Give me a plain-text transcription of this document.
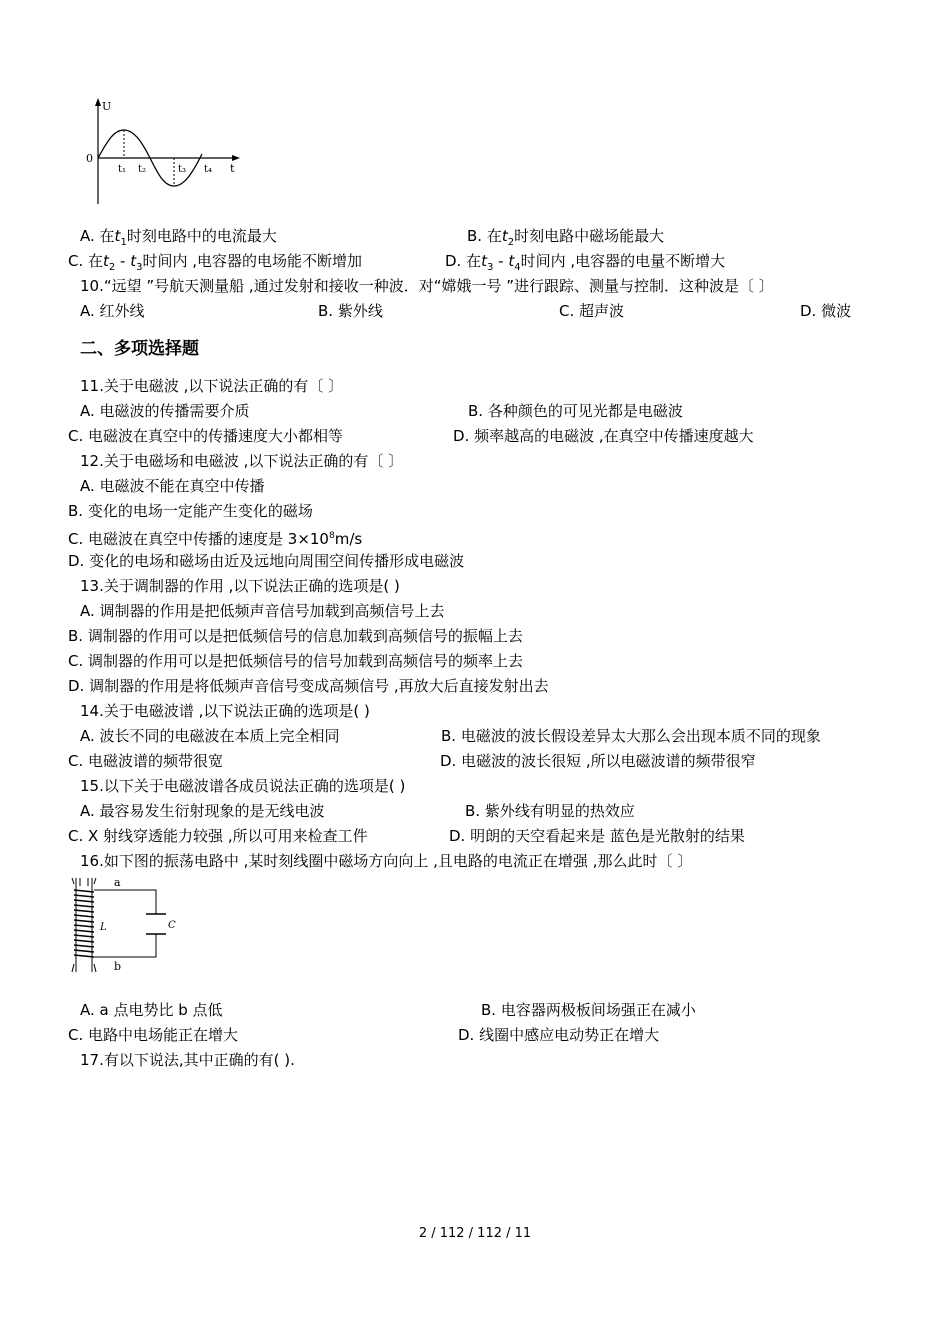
U
0
t
t₁ t₂	t₃ t₄
A. 在$t_1$时刻电路中的电流最大	B. 在$t_2$时刻电路中磁场能最大
C. 在$t_2 - t_3$时间内 ,电容器的电场能不断增加	D. 在$t_3 - t_4$时间内 ,电容器的电量不断增大
10.“远望 ”号航天测量船 ,通过发射和接收一种波．对“嫦娥一号 ”进行跟踪、测量与控制．这种波是〔 〕
A. 红外线	B. 紫外线	C. 超声波	D. 微波
二、多项选择题
11.关于电磁波 ,以下说法正确的有〔 〕
A. 电磁波的传播需要介质	B. 各种颜色的可见光都是电磁波
C. 电磁波在真空中的传播速度大小都相等	D. 频率越高的电磁波 ,在真空中传播速度越大
12.关于电磁场和电磁波 ,以下说法正确的有〔 〕
A. 电磁波不能在真空中传播
B. 变化的电场一定能产生变化的磁场
C. 电磁波在真空中传播的速度是 $3\times 10^8m/s$
D. 变化的电场和磁场由近及远地向周围空间传播形成电磁波
13.关于调制器的作用 ,以下说法正确的选项是( )
A. 调制器的作用是把低频声音信号加载到高频信号上去
B. 调制器的作用可以是把低频信号的信息加载到高频信号的振幅上去
C. 调制器的作用可以是把低频信号的信号加载到高频信号的频率上去
D. 调制器的作用是将低频声音信号变成高频信号 ,再放大后直接发射出去
14.关于电磁波谱 ,以下说法正确的选项是( )
A. 波长不同的电磁波在本质上完全相同	B. 电磁波的波长假设差异太大那么会出现本质不同的现象
C. 电磁波谱的频带很宽	D. 电磁波的波长很短 ,所以电磁波谱的频带很窄
15.以下关于电磁波谱各成员说法正确的选项是( )
A. 最容易发生衍射现象的是无线电波	B. 紫外线有明显的热效应
C. X 射线穿透能力较强 ,所以可用来检查工件	D. 明朗的天空看起来是 蓝色是光散射的结果
16.如下图的振荡电路中 ,某时刻线圈中磁场方向向上 ,且电路的电流正在增强 ,那么此时〔 〕
a
b
L	C
A. a 点电势比 b 点低	B. 电容器两极板间场强正在减小
C. 电路中电场能正在增大	D. 线圈中感应电动势正在增大
17.有以下说法,其中正确的有( ).
2 / 112 / 112 / 11
